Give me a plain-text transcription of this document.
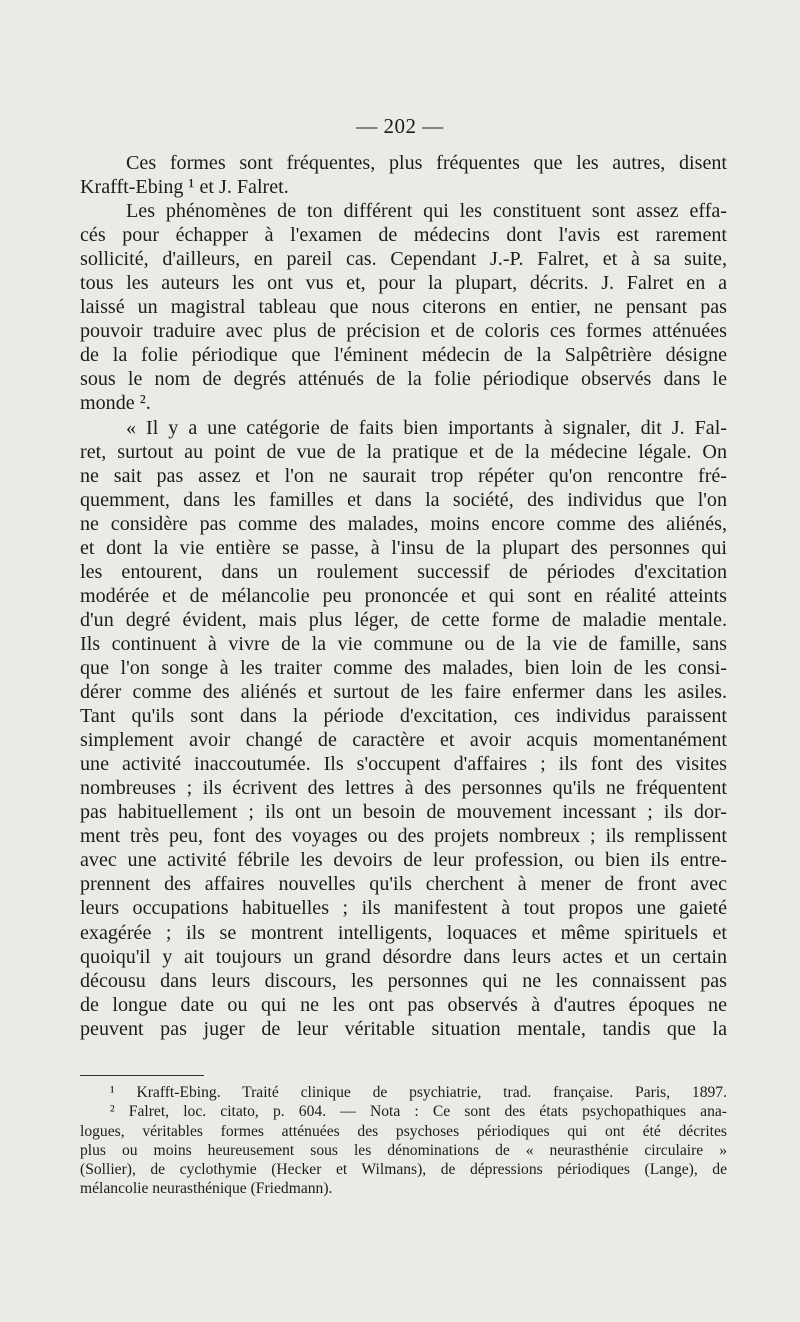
— 202 —
Ces formes sont fréquentes, plus fréquentes que les autres, disent
Krafft-Ebing ¹ et J. Falret.
Les phénomènes de ton différent qui les constituent sont assez effa-
cés pour échapper à l'examen de médecins dont l'avis est rarement
sollicité, d'ailleurs, en pareil cas. Cependant J.-P. Falret, et à sa suite,
tous les auteurs les ont vus et, pour la plupart, décrits. J. Falret en a
laissé un magistral tableau que nous citerons en entier, ne pensant pas
pouvoir traduire avec plus de précision et de coloris ces formes atténuées
de la folie périodique que l'éminent médecin de la Salpêtrière désigne
sous le nom de degrés atténués de la folie périodique observés dans le
monde ².
« Il y a une catégorie de faits bien importants à signaler, dit J. Fal-
ret, surtout au point de vue de la pratique et de la médecine légale. On
ne sait pas assez et l'on ne saurait trop répéter qu'on rencontre fré-
quemment, dans les familles et dans la société, des individus que l'on
ne considère pas comme des malades, moins encore comme des aliénés,
et dont la vie entière se passe, à l'insu de la plupart des personnes qui
les entourent, dans un roulement successif de périodes d'excitation
modérée et de mélancolie peu prononcée et qui sont en réalité atteints
d'un degré évident, mais plus léger, de cette forme de maladie mentale.
Ils continuent à vivre de la vie commune ou de la vie de famille, sans
que l'on songe à les traiter comme des malades, bien loin de les consi-
dérer comme des aliénés et surtout de les faire enfermer dans les asiles.
Tant qu'ils sont dans la période d'excitation, ces individus paraissent
simplement avoir changé de caractère et avoir acquis momentanément
une activité inaccoutumée. Ils s'occupent d'affaires ; ils font des visites
nombreuses ; ils écrivent des lettres à des personnes qu'ils ne fréquentent
pas habituellement ; ils ont un besoin de mouvement incessant ; ils dor-
ment très peu, font des voyages ou des projets nombreux ; ils remplissent
avec une activité fébrile les devoirs de leur profession, ou bien ils entre-
prennent des affaires nouvelles qu'ils cherchent à mener de front avec
leurs occupations habituelles ; ils manifestent à tout propos une gaieté
exagérée ; ils se montrent intelligents, loquaces et même spirituels et
quoiqu'il y ait toujours un grand désordre dans leurs actes et un certain
décousu dans leurs discours, les personnes qui ne les connaissent pas
de longue date ou qui ne les ont pas observés à d'autres époques ne
peuvent pas juger de leur véritable situation mentale, tandis que la
¹ Krafft-Ebing. Traité clinique de psychiatrie, trad. française. Paris, 1897.
² Falret, loc. citato, p. 604. — Nota : Ce sont des états psychopathiques ana-
logues, véritables formes atténuées des psychoses périodiques qui ont été décrites
plus ou moins heureusement sous les dénominations de « neurasthénie circulaire »
(Sollier), de cyclothymie (Hecker et Wilmans), de dépressions périodiques (Lange), de
mélancolie neurasthénique (Friedmann).
